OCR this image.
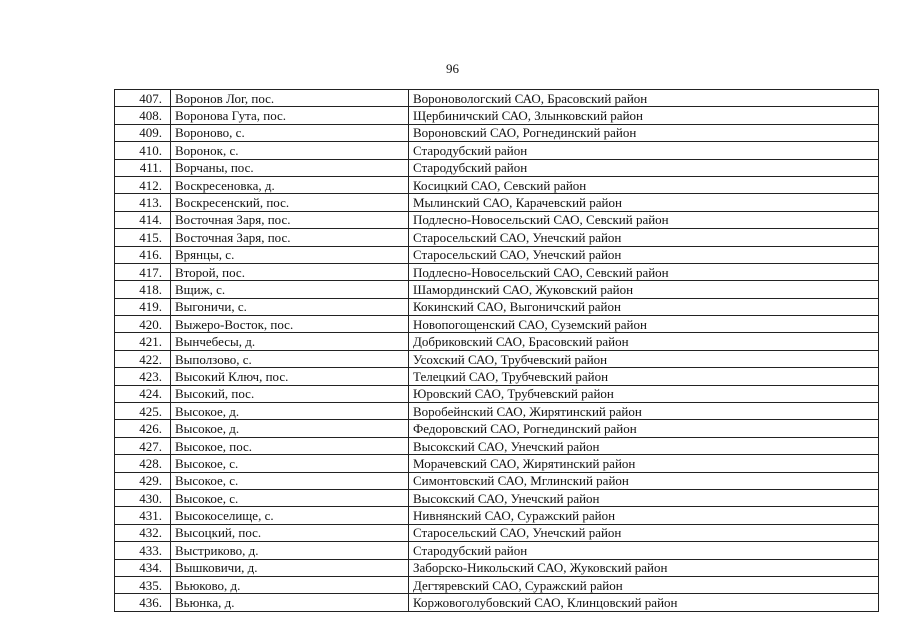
96
407.	Воронов Лог, пос.	Вороновологский САО, Брасовский район
408.	Воронова Гута, пос.	Щербиничский САО, Злынковский район
409.	Вороново, с.	Вороновский САО, Рогнединский район
410.	Воронок, с.	Стародубский район
411.	Ворчаны, пос.	Стародубский район
412.	Воскресеновка, д.	Косицкий САО, Севский район
413.	Воскресенский, пос.	Мылинский САО, Карачевский район
414.	Восточная Заря, пос.	Подлесно-Новосельский САО, Севский район
415.	Восточная Заря, пос.	Старосельский САО, Унечский район
416.	Врянцы, с.	Старосельский САО, Унечский район
417.	Второй, пос.	Подлесно-Новосельский САО, Севский район
418.	Вщиж, с.	Шамординский САО, Жуковский район
419.	Выгоничи, с.	Кокинский САО, Выгоничский район
420.	Выжеро-Восток, пос.	Новопогощенский САО, Суземский район
421.	Вынчебесы, д.	Добриковский САО, Брасовский район
422.	Выползово, с.	Усохский САО, Трубчевский район
423.	Высокий Ключ, пос.	Телецкий САО, Трубчевский район
424.	Высокий, пос.	Юровский САО, Трубчевский район
425.	Высокое, д.	Воробейнский САО, Жирятинский район
426.	Высокое, д.	Федоровский САО, Рогнединский район
427.	Высокое, пос.	Высокский САО, Унечский район
428.	Высокое, с.	Морачевский САО, Жирятинский район
429.	Высокое, с.	Симонтовский САО, Мглинский район
430.	Высокое, с.	Высокский САО, Унечский район
431.	Высокоселище, с.	Нивнянский САО, Суражский район
432.	Высоцкий, пос.	Старосельский САО, Унечский район
433.	Выстриково, д.	Стародубский район
434.	Вышковичи, д.	Заборско-Никольский САО, Жуковский район
435.	Вьюково, д.	Дегтяревский САО, Суражский район
436.	Вьюнка, д.	Коржовоголубовский САО, Клинцовский район
